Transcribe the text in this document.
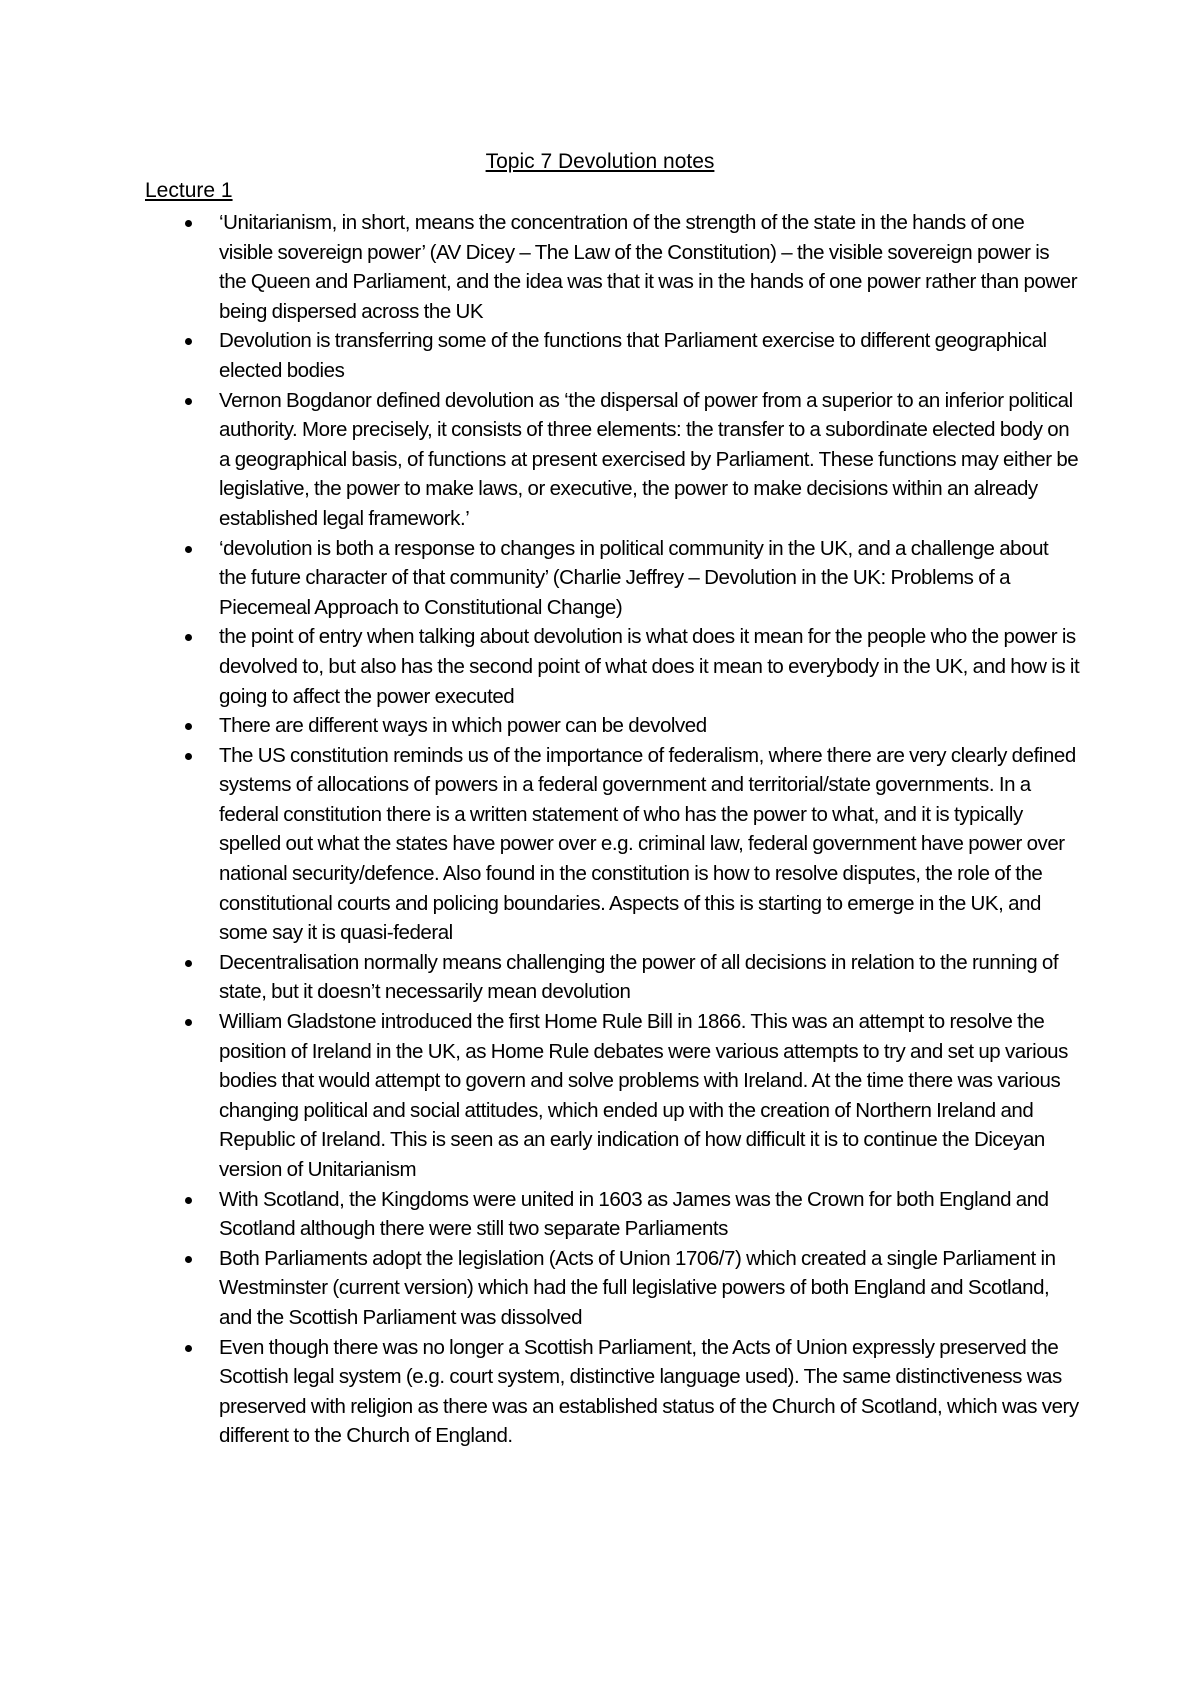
Topic 7 Devolution notes
Lecture 1
‘Unitarianism, in short, means the concentration of the strength of the state in the hands of one visible sovereign power’ (AV Dicey – The Law of the Constitution) – the visible sovereign power is the Queen and Parliament, and the idea was that it was in the hands of one power rather than power being dispersed across the UK
Devolution is transferring some of the functions that Parliament exercise to different geographical elected bodies
Vernon Bogdanor defined devolution as ‘the dispersal of power from a superior to an inferior political authority. More precisely, it consists of three elements: the transfer to a subordinate elected body on a geographical basis, of functions at present exercised by Parliament. These functions may either be legislative, the power to make laws, or executive, the power to make decisions within an already established legal framework.’
‘devolution is both a response to changes in political community in the UK, and a challenge about the future character of that community’ (Charlie Jeffrey – Devolution in the UK: Problems of a Piecemeal Approach to Constitutional Change)
the point of entry when talking about devolution is what does it mean for the people who the power is devolved to, but also has the second point of what does it mean to everybody in the UK, and how is it going to affect the power executed
There are different ways in which power can be devolved
The US constitution reminds us of the importance of federalism, where there are very clearly defined systems of allocations of powers in a federal government and territorial/state governments. In a federal constitution there is a written statement of who has the power to what, and it is typically spelled out what the states have power over e.g. criminal law, federal government have power over national security/defence. Also found in the constitution is how to resolve disputes, the role of the constitutional courts and policing boundaries. Aspects of this is starting to emerge in the UK, and some say it is quasi-federal
Decentralisation normally means challenging the power of all decisions in relation to the running of state, but it doesn’t necessarily mean devolution
William Gladstone introduced the first Home Rule Bill in 1866. This was an attempt to resolve the position of Ireland in the UK, as Home Rule debates were various attempts to try and set up various bodies that would attempt to govern and solve problems with Ireland. At the time there was various changing political and social attitudes, which ended up with the creation of Northern Ireland and Republic of Ireland. This is seen as an early indication of how difficult it is to continue the Diceyan version of Unitarianism
With Scotland, the Kingdoms were united in 1603 as James was the Crown for both England and Scotland although there were still two separate Parliaments
Both Parliaments adopt the legislation (Acts of Union 1706/7) which created a single Parliament in Westminster (current version) which had the full legislative powers of both England and Scotland, and the Scottish Parliament was dissolved
Even though there was no longer a Scottish Parliament, the Acts of Union expressly preserved the Scottish legal system (e.g. court system, distinctive language used). The same distinctiveness was preserved with religion as there was an established status of the Church of Scotland, which was very different to the Church of England.
